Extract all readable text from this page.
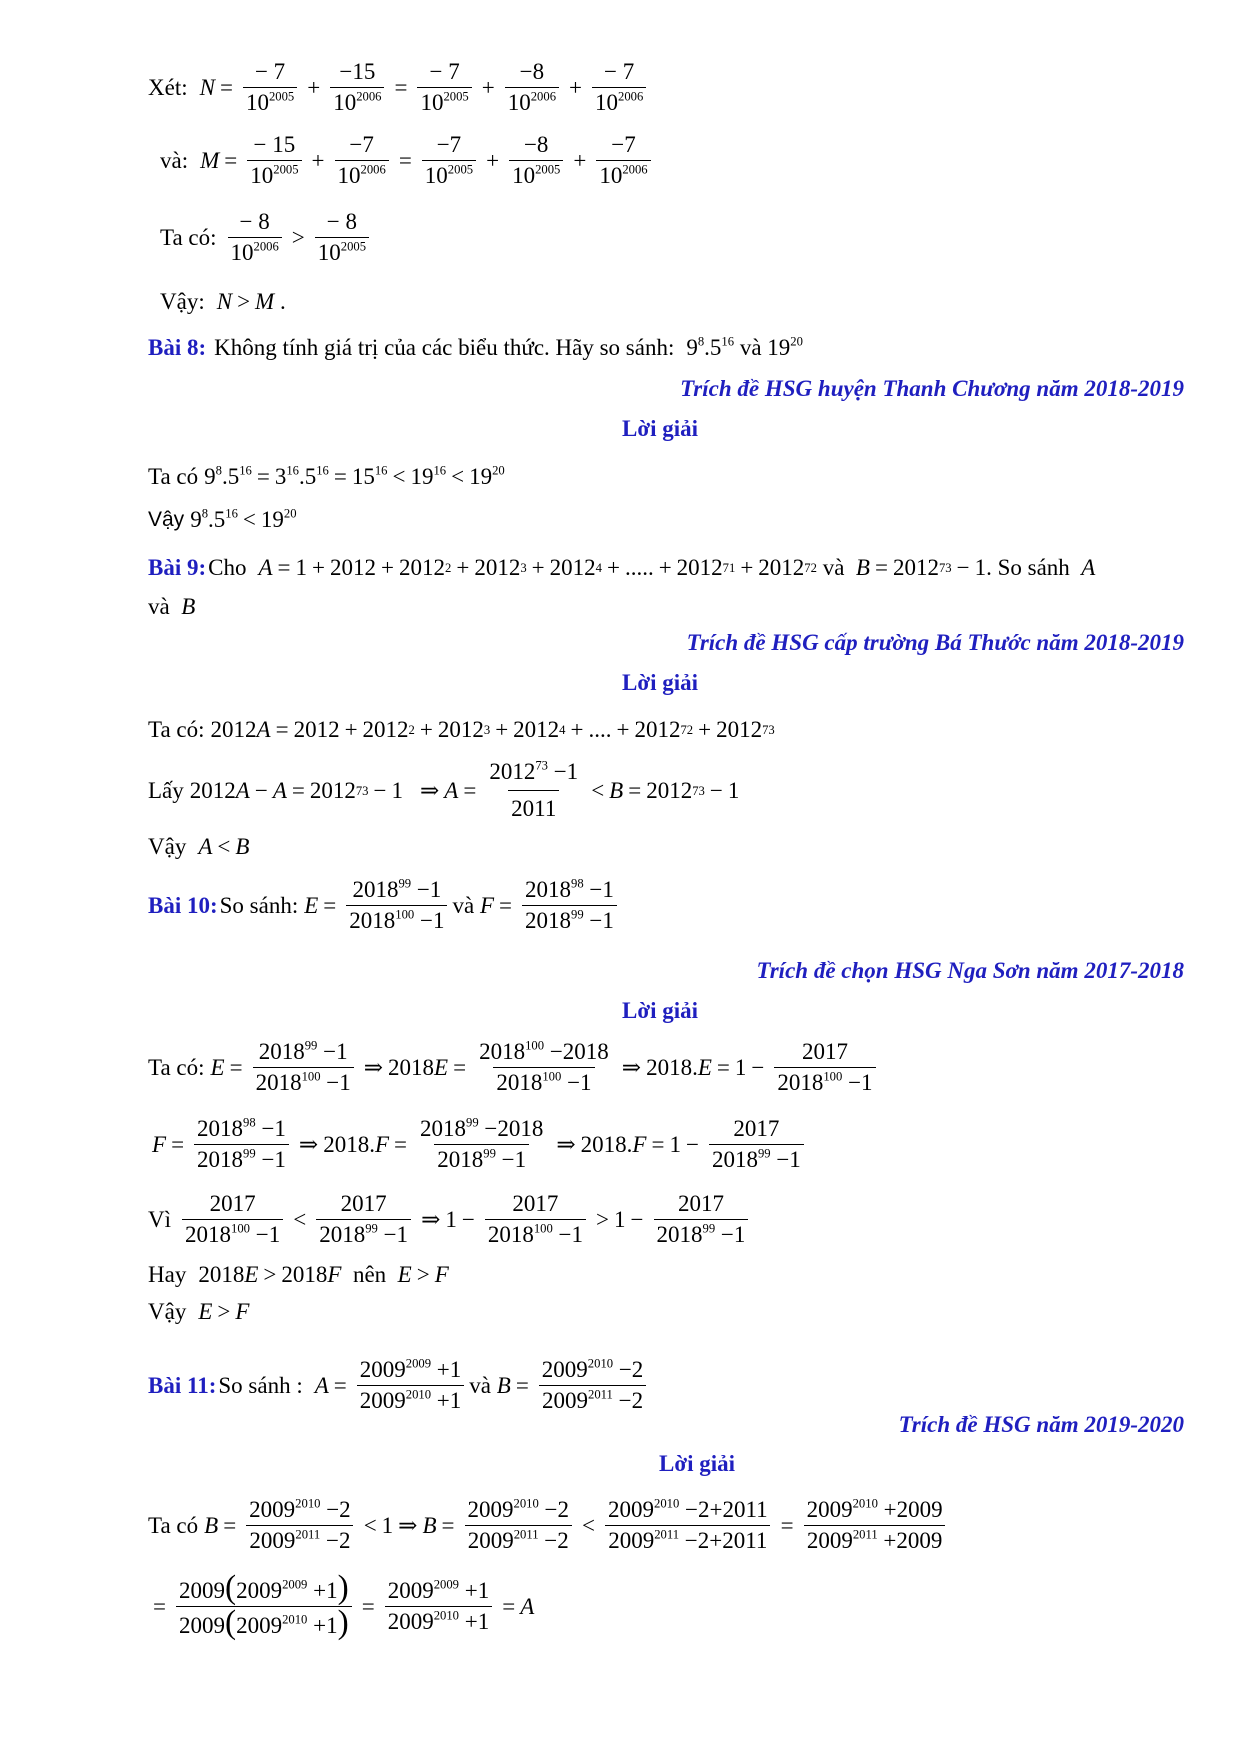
Xét: $N = \frac{- 7}{10^{2005}} + \frac{-15}{10^{2006}} = \frac{- 7}{10^{2005}} + \frac{-8}{10^{2006}} + \frac{- 7}{10^{2006}}$
và: $M = \frac{- 15}{10^{2005}} + \frac{-7}{10^{2006}} = \frac{-7}{10^{2005}} + \frac{-8}{10^{2005}} + \frac{-7}{10^{2006}}$
Ta có: $\frac{- 8}{10^{2006}} > \frac{- 8}{10^{2005}}$
Vậy: N > M .
Bài 8: Không tính giá trị của các biểu thức. Hãy so sánh: $9^8.5^{16}$
và
$19^{20}$
Trích đề HSG huyện Thanh Chương năm 2018-2019
Lời giải
Ta có $9^8.5^{16} = 3^{16}.5^{16} = 15^{16} < 19^{16} < 19^{20}$
Vậy $9^8.5^{16} < 19^{20}$
Bài 9: Cho A = 1 + 2012 + 2012 2 + 2012 3 + 2012 4 + ..... + 2012 71 + 2012 72
và
B = 2012 73 − 1 . So sánh
A
và
B
Trích đề HSG cấp trường Bá Thước năm 2018-2019
Lời giải
Ta có: 2012 A = 2012 + 2012 2 + 2012 3 + 2012 4 + .... + 2012 72 + 2012 73
Lấy 2012 A − A = 2012 73 − 1 ⇒ $A = \frac{2012^{73} -1}{2011} < B = 2012$ 73 − 1
Vậy A < B
Bài 10: So sánh: $E = \frac{2018^{99} -1}{2018^{100} -1}$ và
$F = \frac{2018^{98} -1}{2018^{99} -1}$
Trích đề chọn HSG Nga Sơn năm 2017-2018
Lời giải
Ta có: $E = \frac{2018^{99} -1}{2018^{100} -1}$ ⇒ 2018 $E = \frac{2018^{100} -2018}{2018^{100} -1}$ ⇒ 2018. $E = 1 - \frac{2017}{2018^{100} -1}$
$F = \frac{2018^{98} -1}{2018^{99} -1}$ ⇒ 2018. $F = \frac{2018^{99} -2018}{2018^{99} -1}$ ⇒ 2018. $F = 1 - \frac{2017}{2018^{99} -1}$
Vì $\frac{2017}{2018^{100} -1} < \frac{2017}{2018^{99} -1}$ ⇒ $1 - \frac{2017}{2018^{100} -1} > 1 - \frac{2017}{2018^{99} -1}$
Hay 2018 E > 2018 F
nên
E > F
Vậy E > F
Bài 11: So sánh : $A = \frac{2009^{2009} +1}{2009^{2010} +1}$ và
$B = \frac{2009^{2010} -2}{2009^{2011} -2}$
Trích đề HSG năm 2019-2020
Lời giải
Ta có $B = \frac{2009^{2010} -2}{2009^{2011} -2} < 1$ ⇒ $B = \frac{2009^{2010} -2}{2009^{2011} -2} < \frac{2009^{2010} -2+2011}{2009^{2011} -2+2011} = \frac{2009^{2010} +2009}{2009^{2011} +2009}$
= $\frac{2009(2009^{2009} +1)}{2009(2009^{2010} +1)} = \frac{2009^{2009} +1}{2009^{2010} +1} = A$
